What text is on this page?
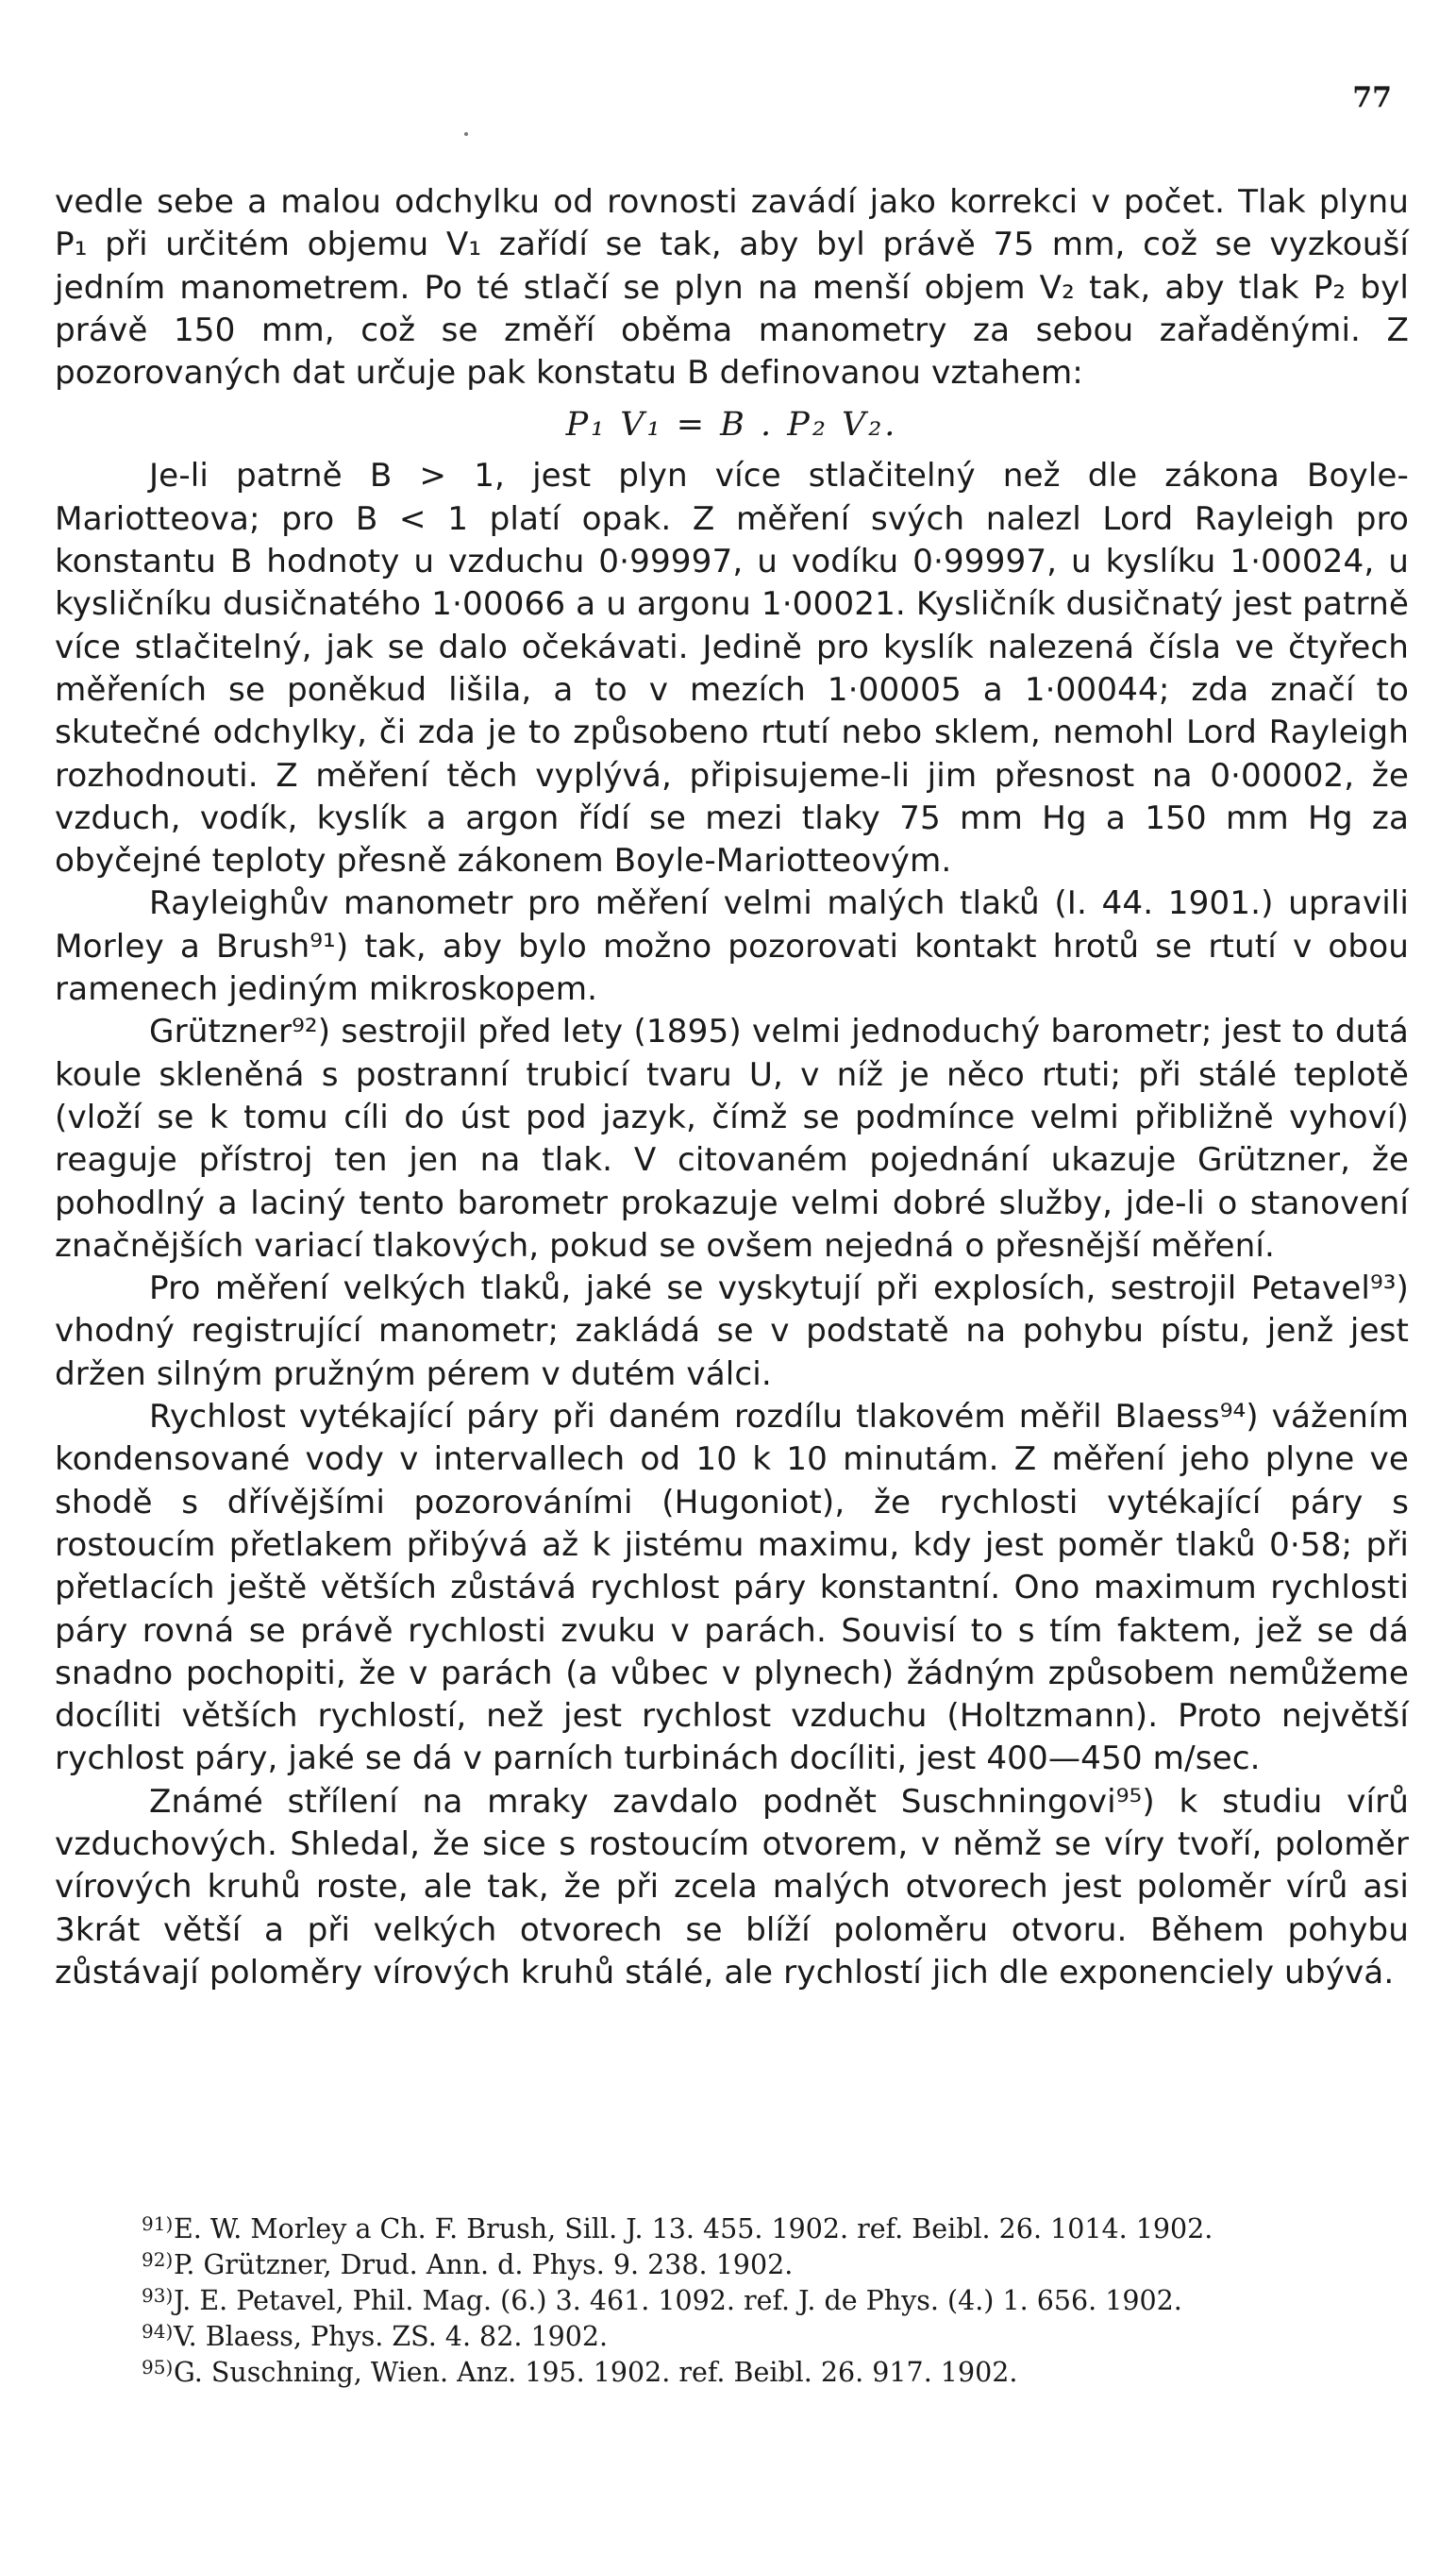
77

vedle sebe a malou odchylku od rovnosti zavádí jako korrekci v počet. Tlak plynu P₁ při určitém objemu V₁ zařídí se tak, aby byl právě 75 mm, což se vyzkouší jedním manometrem. Po té stlačí se plyn na menší objem V₂ tak, aby tlak P₂ byl právě 150 mm, což se změří oběma manometry za sebou zařaděnými. Z pozorovaných dat určuje pak konstatu B definovanou vztahem:

P₁ V₁ = B . P₂ V₂.

Je-li patrně B > 1, jest plyn více stlačitelný než dle zákona Boyle-Mariotteova; pro B < 1 platí opak. Z měření svých nalezl Lord Rayleigh pro konstantu B hodnoty u vzduchu 0·99997, u vodíku 0·99997, u kyslíku 1·00024, u kysličníku dusičnatého 1·00066 a u argonu 1·00021. Kysličník dusičnatý jest patrně více stlačitelný, jak se dalo očekávati. Jedině pro kyslík nalezená čísla ve čtyřech měřeních se poněkud lišila, a to v mezích 1·00005 a 1·00044; zda značí to skutečné odchylky, či zda je to způsobeno rtutí nebo sklem, nemohl Lord Rayleigh rozhodnouti. Z měření těch vyplývá, připisujeme-li jim přesnost na 0·00002, že vzduch, vodík, kyslík a argon řídí se mezi tlaky 75 mm Hg a 150 mm Hg za obyčejné teploty přesně zákonem Boyle-Mariotteovým.

Rayleighův manometr pro měření velmi malých tlaků (I. 44. 1901.) upravili Morley a Brush⁹¹) tak, aby bylo možno pozorovati kontakt hrotů se rtutí v obou ramenech jediným mikroskopem.

Grützner⁹²) sestrojil před lety (1895) velmi jednoduchý barometr; jest to dutá koule skleněná s postranní trubicí tvaru U, v níž je něco rtuti; při stálé teplotě (vloží se k tomu cíli do úst pod jazyk, čímž se podmínce velmi přibližně vyhoví) reaguje přístroj ten jen na tlak. V citovaném pojednání ukazuje Grützner, že pohodlný a laciný tento barometr prokazuje velmi dobré služby, jde-li o stanovení značnějších variací tlakových, pokud se ovšem nejedná o přesnější měření.

Pro měření velkých tlaků, jaké se vyskytují při explosích, sestrojil Petavel⁹³) vhodný registrující manometr; zakládá se v podstatě na pohybu pístu, jenž jest držen silným pružným pérem v dutém válci.

Rychlost vytékající páry při daném rozdílu tlakovém měřil Blaess⁹⁴) vážením kondensované vody v intervallech od 10 k 10 minutám. Z měření jeho plyne ve shodě s dřívějšími pozorováními (Hugoniot), že rychlosti vytékající páry s rostoucím přetlakem přibývá až k jistému maximu, kdy jest poměr tlaků 0·58; při přetlacích ještě větších zůstává rychlost páry konstantní. Ono maximum rychlosti páry rovná se právě rychlosti zvuku v parách. Souvisí to s tím faktem, jež se dá snadno pochopiti, že v parách (a vůbec v plynech) žádným způsobem nemůžeme docíliti větších rychlostí, než jest rychlost vzduchu (Holtzmann). Proto největší rychlost páry, jaké se dá v parních turbinách docíliti, jest 400—450 m/sec.

Známé střílení na mraky zavdalo podnět Suschningovi⁹⁵) k studiu vírů vzduchových. Shledal, že sice s rostoucím otvorem, v němž se víry tvoří, poloměr vírových kruhů roste, ale tak, že při zcela malých otvorech jest poloměr vírů asi 3krát větší a při velkých otvorech se blíží poloměru otvoru. Během pohybu zůstávají poloměry vírových kruhů stálé, ale rychlostí jich dle exponenciely ubývá.

91)E. W. Morley a Ch. F. Brush, Sill. J. 13. 455. 1902. ref. Beibl. 26. 1014. 1902.
92)P. Grützner, Drud. Ann. d. Phys. 9. 238. 1902.
93)J. E. Petavel, Phil. Mag. (6.) 3. 461. 1092. ref. J. de Phys. (4.) 1. 656. 1902.
94)V. Blaess, Phys. ZS. 4. 82. 1902.
95)G. Suschning, Wien. Anz. 195. 1902. ref. Beibl. 26. 917. 1902.
